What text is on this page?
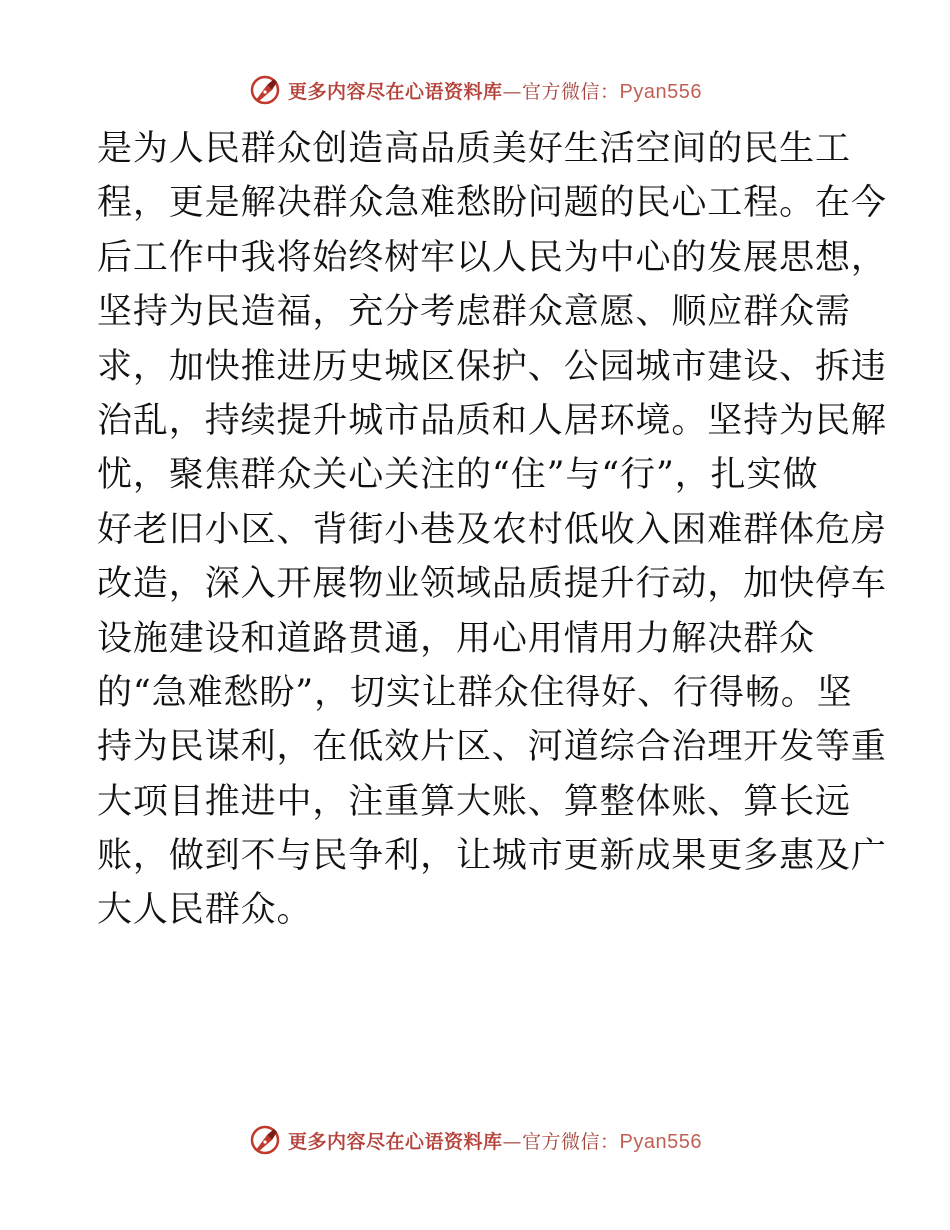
更多内容尽在心语资料库 — 官方微信： Pyan556
是为人民群众创造高品质美好生活空间的民生工
程，更是解决群众急难愁盼问题的民心工程。在今
后工作中我将始终树牢以人民为中心的发展思想，
坚持为民造福，充分考虑群众意愿、顺应群众需
求，加快推进历史城区保护、公园城市建设、拆违
治乱，持续提升城市品质和人居环境。坚持为民解
忧，聚焦群众关心关注的“住”与“行”，扎实做
好老旧小区、背街小巷及农村低收入困难群体危房
改造，深入开展物业领域品质提升行动，加快停车
设施建设和道路贯通，用心用情用力解决群众
的“急难愁盼”，切实让群众住得好、行得畅。坚
持为民谋利，在低效片区、河道综合治理开发等重
大项目推进中，注重算大账、算整体账、算长远
账，做到不与民争利，让城市更新成果更多惠及广
大人民群众。
更多内容尽在心语资料库 — 官方微信： Pyan556
